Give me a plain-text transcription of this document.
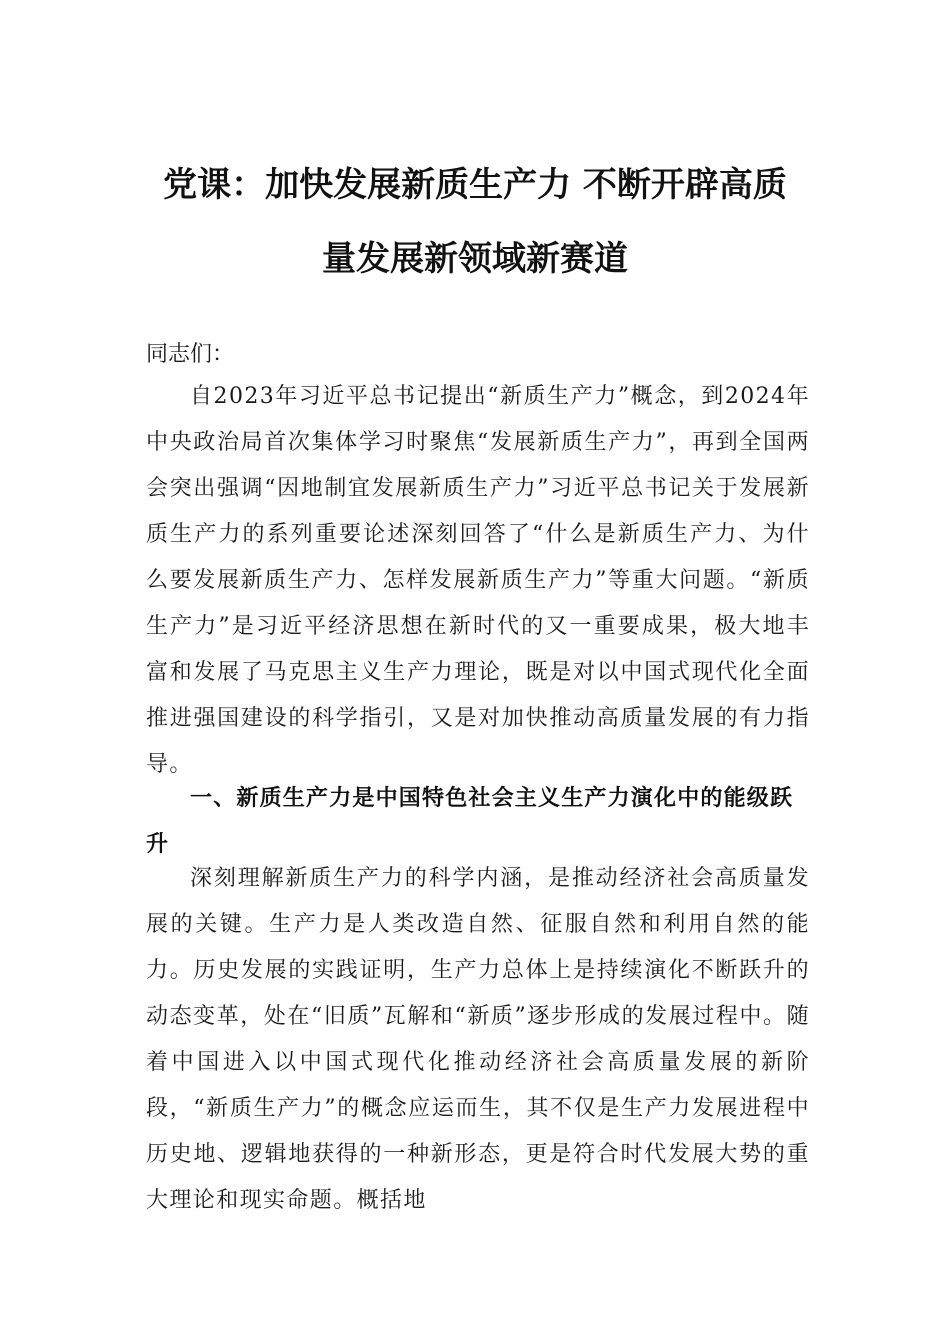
党课：加快发展新质生产力 不断开辟高质
量发展新领域新赛道

同志们：

自2023年习近平总书记提出“新质生产力”概念，到2024年中央政治局首次集体学习时聚焦“发展新质生产力”，再到全国两会突出强调“因地制宜发展新质生产力”习近平总书记关于发展新质生产力的系列重要论述深刻回答了“什么是新质生产力、为什么要发展新质生产力、怎样发展新质生产力”等重大问题。“新质生产力”是习近平经济思想在新时代的又一重要成果，极大地丰富和发展了马克思主义生产力理论，既是对以中国式现代化全面推进强国建设的科学指引，又是对加快推动高质量发展的有力指导。

一、新质生产力是中国特色社会主义生产力演化中的能级跃升

深刻理解新质生产力的科学内涵，是推动经济社会高质量发展的关键。生产力是人类改造自然、征服自然和利用自然的能力。历史发展的实践证明，生产力总体上是持续演化不断跃升的动态变革，处在“旧质”瓦解和“新质”逐步形成的发展过程中。随着中国进入以中国式现代化推动经济社会高质量发展的新阶段，“新质生产力”的概念应运而生，其不仅是生产力发展进程中历史地、逻辑地获得的一种新形态，更是符合时代发展大势的重大理论和现实命题。概括地
